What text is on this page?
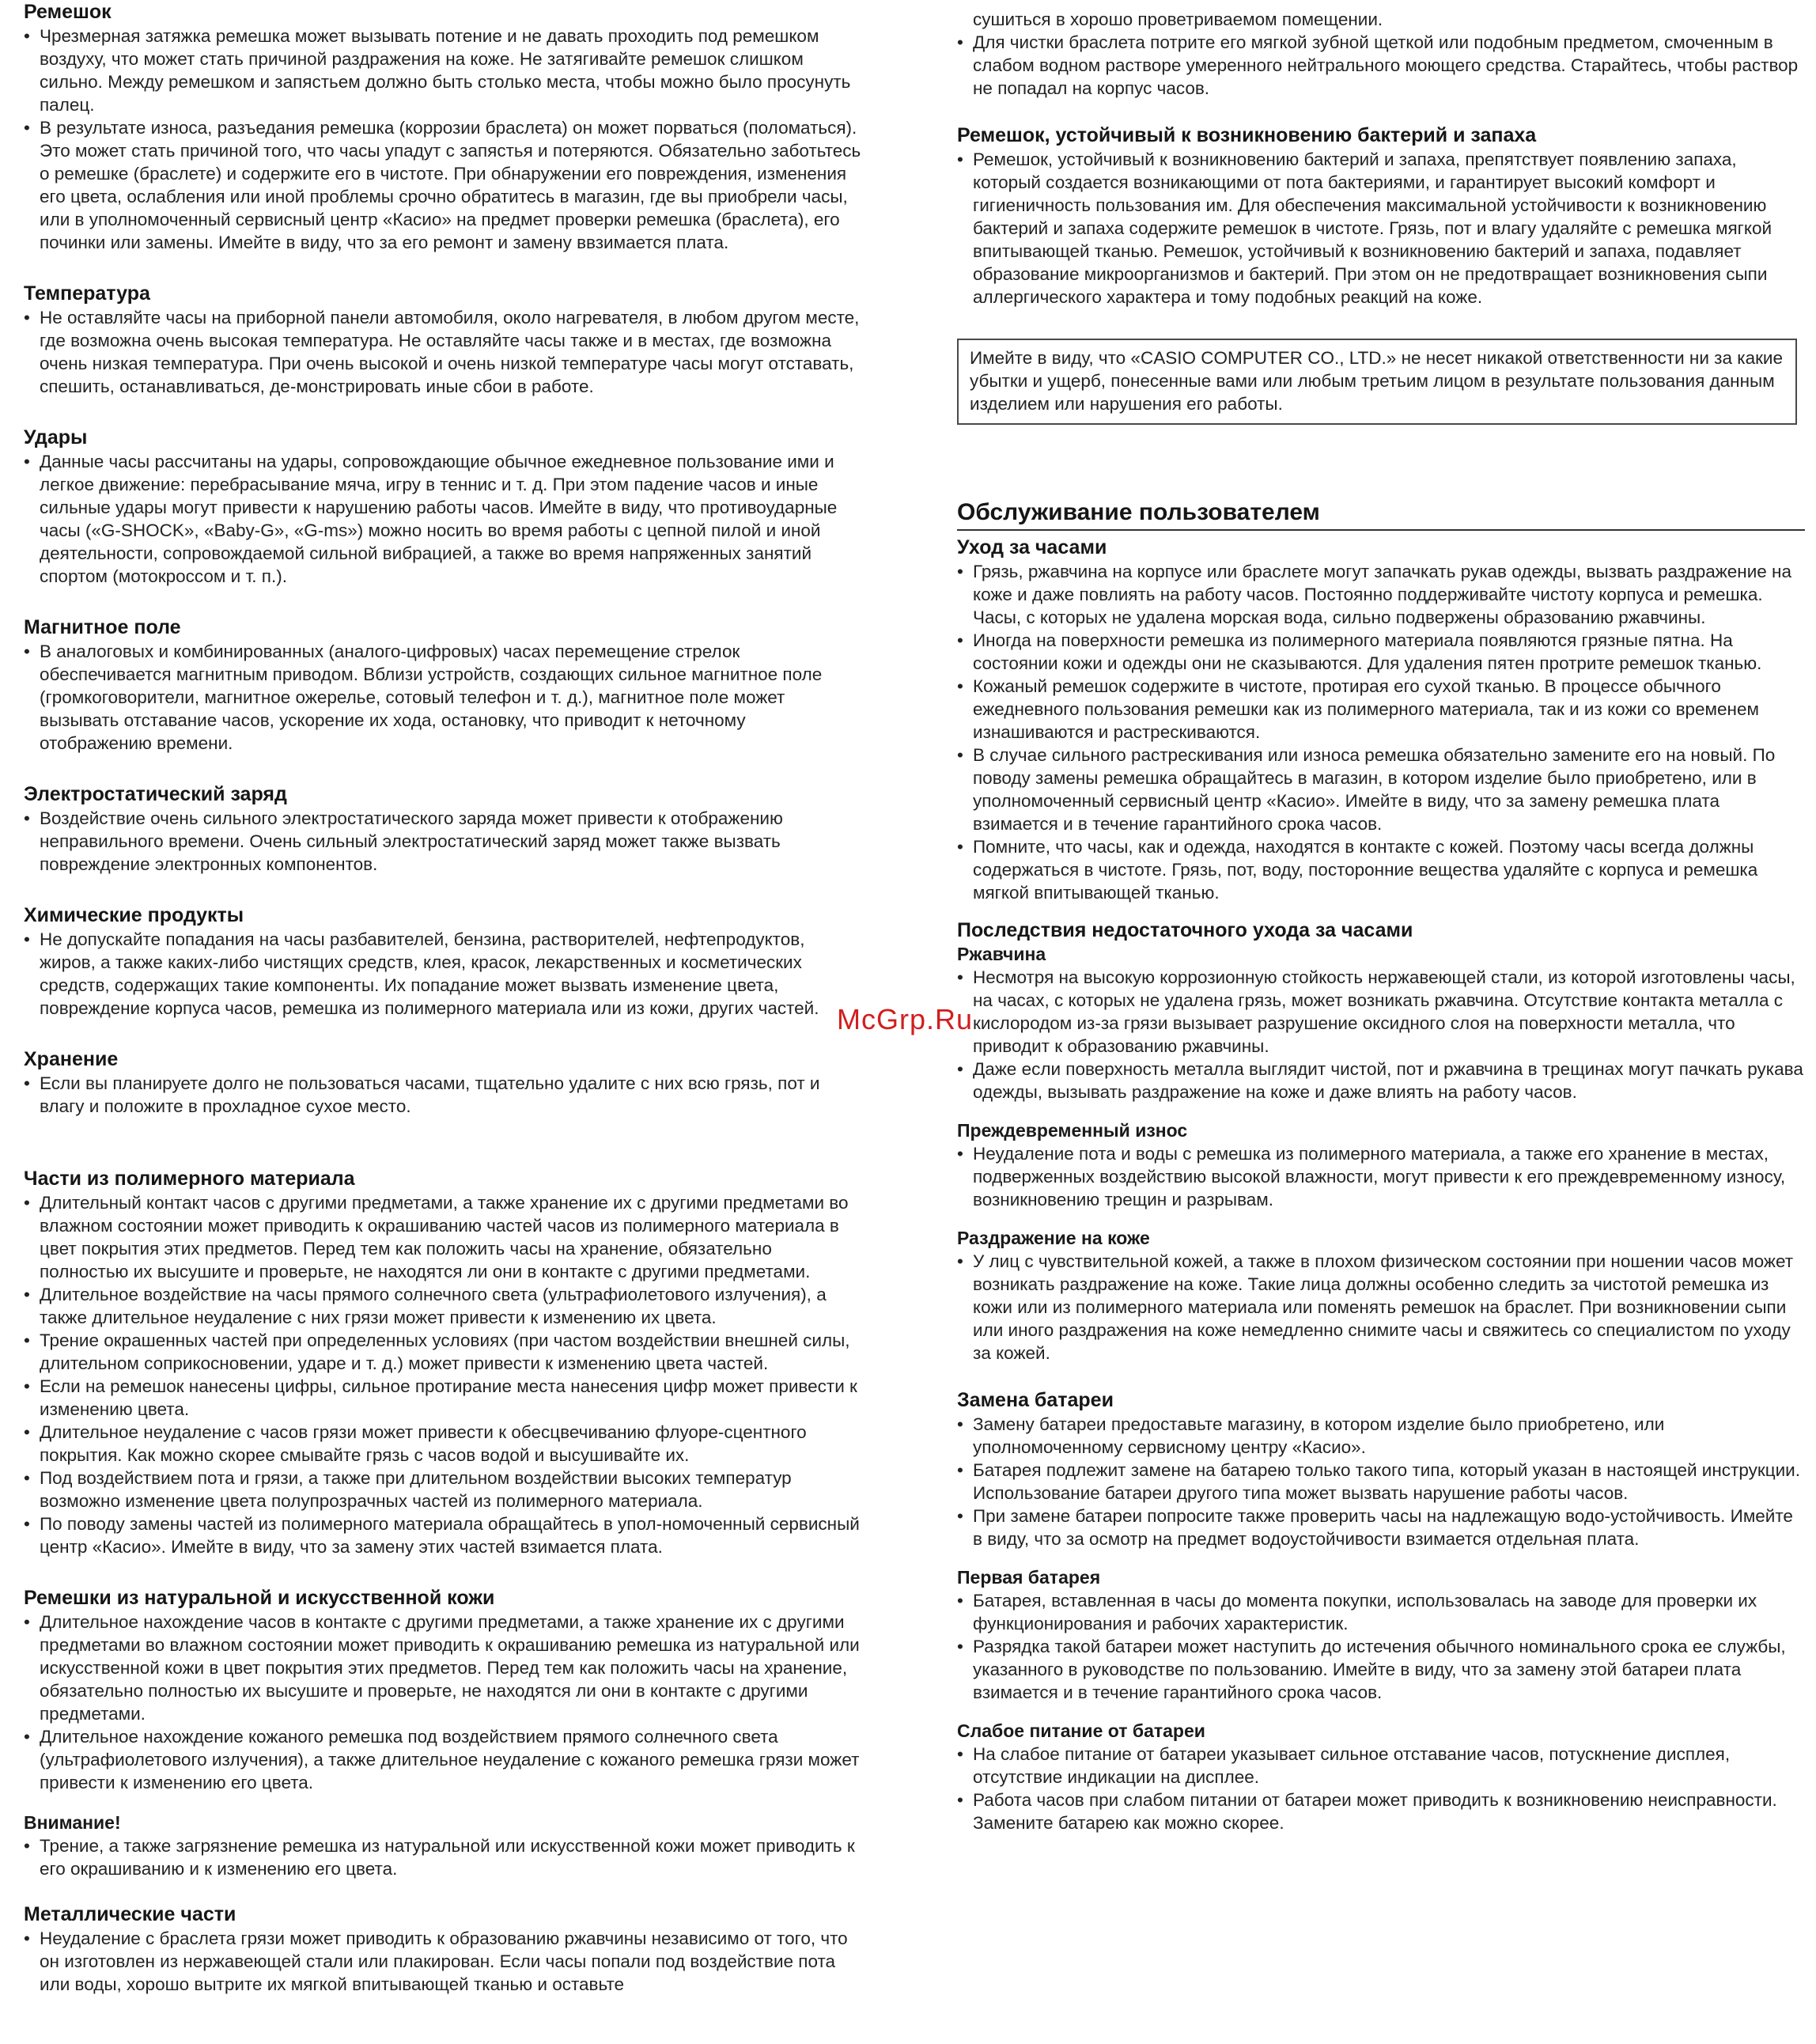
Ремешок
• Чрезмерная затяжка ремешка может вызывать потение и не давать проходить под ремешком воздуху, что может стать причиной раздражения на коже. Не затягивайте ремешок слишком сильно. Между ремешком и запястьем должно быть столько места, чтобы можно было просунуть палец.
• В результате износа, разъедания ремешка (коррозии браслета) он может порваться (поломаться). Это может стать причиной того, что часы упадут с запястья и потеряются. Обязательно заботьтесь о ремешке (браслете) и содержите его в чистоте. При обнаружении его повреждения, изменения его цвета, ослабления или иной проблемы срочно обратитесь в магазин, где вы приобрели часы, или в уполномоченный сервисный центр «Касио» на предмет проверки ремешка (браслета), его починки или замены. Имейте в виду, что за его ремонт и замену ввзимается плата.
Температура
• Не оставляйте часы на приборной панели автомобиля, около нагревателя, в любом другом месте, где возможна очень высокая температура. Не оставляйте часы также и в местах, где возможна очень низкая температура. При очень высокой и очень низкой температуре часы могут отставать, спешить, останавливаться, де-монстрировать иные сбои в работе.
Удары
• Данные часы рассчитаны на удары, сопровождающие обычное ежедневное пользование ими и легкое движение: перебрасывание мяча, игру в теннис и т. д. При этом падение часов и иные сильные удары могут привести к нарушению работы часов. Имейте в виду, что противоударные часы («G-SHOCK», «Baby-G», «G-ms») можно носить во время работы с цепной пилой и иной деятельности, сопровождаемой сильной вибрацией, а также во время напряженных занятий спортом (мотокроссом и т. п.).
Магнитное поле
• В аналоговых и комбинированных (аналого-цифровых) часах перемещение стрелок обеспечивается магнитным приводом. Вблизи устройств, создающих сильное магнитное поле (громкоговорители, магнитное ожерелье, сотовый телефон и т. д.), магнитное поле может вызывать отставание часов, ускорение их хода, остановку, что приводит к неточному отображению времени.
Электростатический заряд
• Воздействие очень сильного электростатического заряда может привести к отображению неправильного времени. Очень сильный электростатический заряд может также вызвать повреждение электронных компонентов.
Химические продукты
• Не допускайте попадания на часы разбавителей, бензина, растворителей, нефтепродуктов, жиров, а также каких-либо чистящих средств, клея, красок, лекарственных и косметических средств, содержащих такие компоненты. Их попадание может вызвать изменение цвета, повреждение корпуса часов, ремешка из полимерного материала или из кожи, других частей.
Хранение
• Если вы планируете долго не пользоваться часами, тщательно удалите с них всю грязь, пот и влагу и положите в прохладное сухое место.
Части из полимерного материала
• Длительный контакт часов с другими предметами, а также хранение их с другими предметами во влажном состоянии может приводить к окрашиванию частей часов из полимерного материала в цвет покрытия этих предметов. Перед тем как положить часы на хранение, обязательно полностью их высушите и проверьте, не находятся ли они в контакте с другими предметами.
• Длительное воздействие на часы прямого солнечного света (ультрафиолетового излучения), а также длительное неудаление с них грязи может привести к изменению их цвета.
• Трение окрашенных частей при определенных условиях (при частом воздействии внешней силы, длительном соприкосновении, ударе и т. д.) может привести к изменению цвета частей.
• Если на ремешок нанесены цифры, сильное протирание места нанесения цифр может привести к изменению цвета.
• Длительное неудаление с часов грязи может привести к обесцвечиванию флуоре-сцентного покрытия. Как можно скорее смывайте грязь с часов водой и высушивайте их.
• Под воздействием пота и грязи, а также при длительном воздействии высоких температур возможно изменение цвета полупрозрачных частей из полимерного материала.
• По поводу замены частей из полимерного материала обращайтесь в упол-номоченный сервисный центр «Касио». Имейте в виду, что за замену этих частей взимается плата.
Ремешки из натуральной и искусственной кожи
• Длительное нахождение часов в контакте с другими предметами, а также хранение их с другими предметами во влажном состоянии может приводить к окрашиванию ремешка из натуральной или искусственной кожи в цвет покрытия этих предметов. Перед тем как положить часы на хранение, обязательно полностью их высушите и проверьте, не находятся ли они в контакте с другими предметами.
• Длительное нахождение кожаного ремешка под воздействием прямого солнечного света (ультрафиолетового излучения), а также длительное неудаление с кожаного ремешка грязи может привести к изменению его цвета.
Внимание!
• Трение, а также загрязнение ремешка из натуральной или искусственной кожи может приводить к его окрашиванию и к изменению его цвета.
Металлические части
• Неудаление с браслета грязи может приводить к образованию ржавчины независимо от того, что он изготовлен из нержавеющей стали или плакирован. Если часы попали под воздействие пота или воды, хорошо вытрите их мягкой впитывающей тканью и оставьте

сушиться в хорошо проветриваемом помещении.

• Для чистки браслета потрите его мягкой зубной щеткой или подобным предметом, смоченным в слабом водном растворе умеренного нейтрального моющего средства. Старайтесь, чтобы раствор не попадал на корпус часов.
Ремешок, устойчивый к возникновению бактерий и запаха
• Ремешок, устойчивый к возникновению бактерий и запаха, препятствует появлению запаха, который создается возникающими от пота бактериями, и гарантирует высокий комфорт и гигиеничность пользования им. Для обеспечения максимальной устойчивости к возникновению бактерий и запаха содержите ремешок в чистоте. Грязь, пот и влагу удаляйте с ремешка мягкой впитывающей тканью. Ремешок, устойчивый к возникновению бактерий и запаха, подавляет образование микроорганизмов и бактерий. При этом он не предотвращает возникновения сыпи аллергического характера и тому подобных реакций на коже.
Имейте в виду, что «CASIO COMPUTER CO., LTD.» не несет никакой ответственности ни за какие убытки и ущерб, понесенные вами или любым третьим лицом в результате пользования данным изделием или нарушения его работы.
Обслуживание пользователем
Уход за часами
• Грязь, ржавчина на корпусе или браслете могут запачкать рукав одежды, вызвать раздражение на коже и даже повлиять на работу часов. Постоянно поддерживайте чистоту корпуса и ремешка. Часы, с которых не удалена морская вода, сильно подвержены образованию ржавчины.
• Иногда на поверхности ремешка из полимерного материала появляются грязные пятна. На состоянии кожи и одежды они не сказываются. Для удаления пятен протрите ремешок тканью.
• Кожаный ремешок содержите в чистоте, протирая его сухой тканью. В процессе обычного ежедневного пользования ремешки как из полимерного материала, так и из кожи со временем изнашиваются и растрескиваются.
• В случае сильного растрескивания или износа ремешка обязательно замените его на новый. По поводу замены ремешка обращайтесь в магазин, в котором изделие было приобретено, или в уполномоченный сервисный центр «Касио». Имейте в виду, что за замену ремешка плата взимается и в течение гарантийного срока часов.
• Помните, что часы, как и одежда, находятся в контакте с кожей. Поэтому часы всегда должны содержаться в чистоте. Грязь, пот, воду, посторонние вещества удаляйте с корпуса и ремешка мягкой впитывающей тканью.
Последствия недостаточного ухода за часами
Ржавчина
• Несмотря на высокую коррозионную стойкость нержавеющей стали, из которой изготовлены часы, на часах, с которых не удалена грязь, может возникать ржавчина. Отсутствие контакта металла с кислородом из-за грязи вызывает разрушение оксидного слоя на поверхности металла, что приводит к образованию ржавчины.
• Даже если поверхность металла выглядит чистой, пот и ржавчина в трещинах могут пачкать рукава одежды, вызывать раздражение на коже и даже влиять на работу часов.
Преждевременный износ
• Неудаление пота и воды с ремешка из полимерного материала, а также его хранение в местах, подверженных воздействию высокой влажности, могут привести к его преждевременному износу, возникновению трещин и разрывам.
Раздражение на коже
• У лиц с чувствительной кожей, а также в плохом физическом состоянии при ношении часов может возникать раздражение на коже. Такие лица должны особенно следить за чистотой ремешка из кожи или из полимерного материала или поменять ремешок на браслет. При возникновении сыпи или иного раздражения на коже немедленно снимите часы и свяжитесь со специалистом по уходу за кожей.
Замена батареи
• Замену батареи предоставьте магазину, в котором изделие было приобретено, или уполномоченному сервисному центру «Касио».
• Батарея подлежит замене на батарею только такого типа, который указан в настоящей инструкции. Использование батареи другого типа может вызвать нарушение работы часов.
• При замене батареи попросите также проверить часы на надлежащую водо-устойчивость. Имейте в виду, что за осмотр на предмет водоустойчивости взимается отдельная плата.
Первая батарея
• Батарея, вставленная в часы до момента покупки, использовалась на заводе для проверки их функционирования и рабочих характеристик.
• Разрядка такой батареи может наступить до истечения обычного номинального срока ее службы, указанного в руководстве по пользованию. Имейте в виду, что за замену этой батареи плата взимается и в течение гарантийного срока часов.
Слабое питание от батареи
• На слабое питание от батареи указывает сильное отставание часов, потускнение дисплея, отсутствие индикации на дисплее.
• Работа часов при слабом питании от батареи может приводить к возникновению неисправности. Замените батарею как можно скорее.
McGrp.Ru
